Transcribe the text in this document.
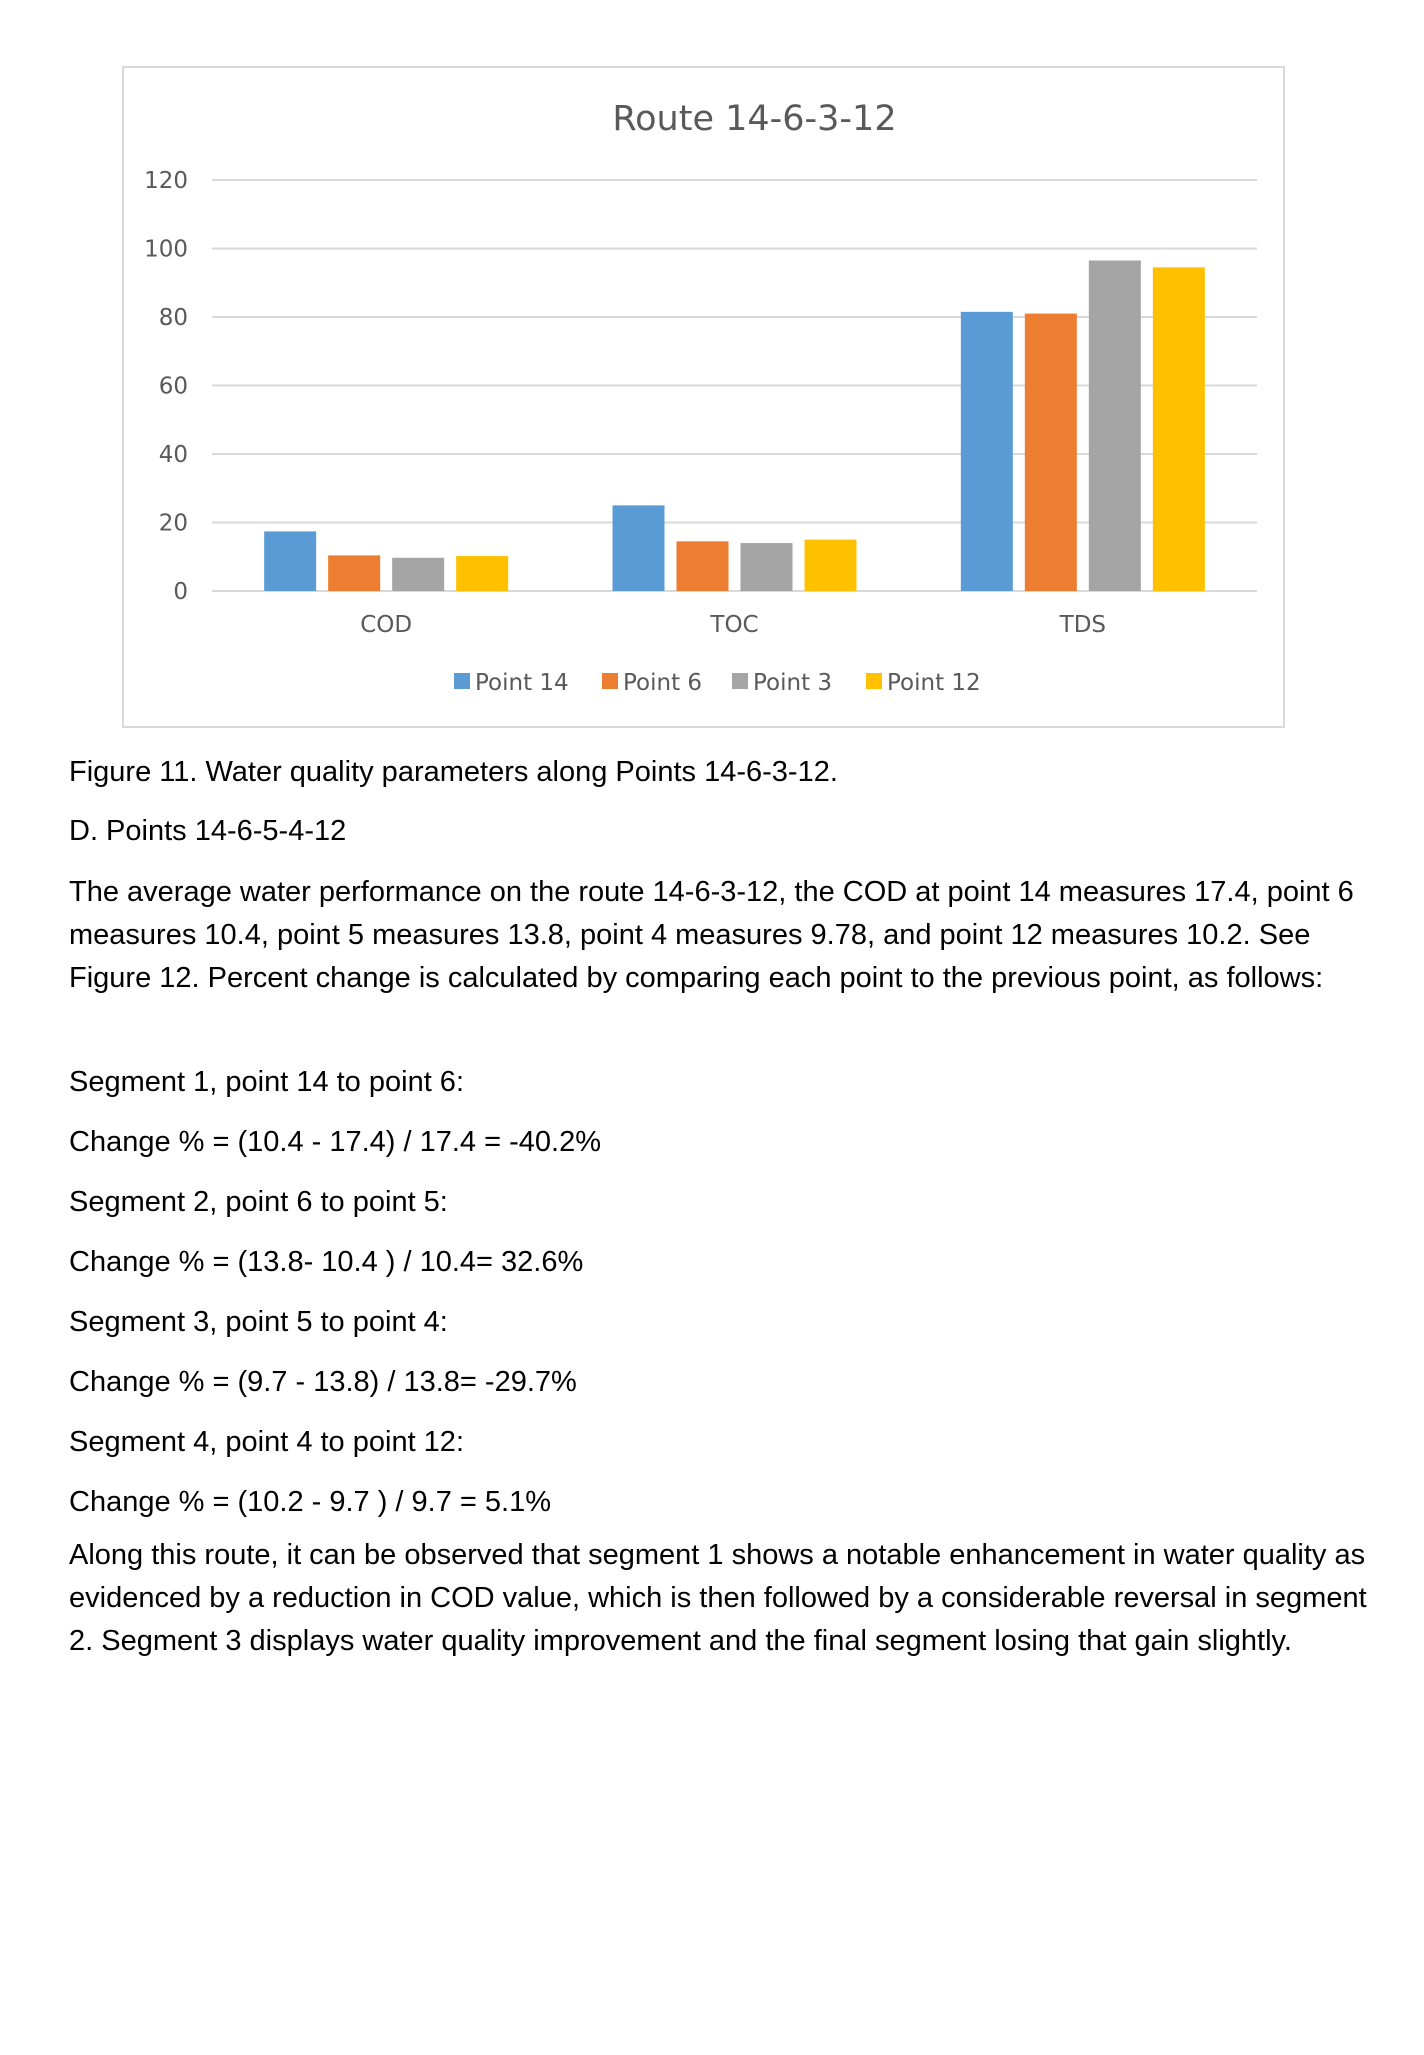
Route 14-6-3-12
0
20
40
60
80
100
120
COD	TOC	TDS
Point 14 Point 6 Point 3 Point 12
Figure 11. Water quality parameters along Points 14-6-3-12.
D. Points 14-6-5-4-12

The average water performance on the route 14-6-3-12, the COD at point 14 measures 17.4, point 6 measures 10.4, point 5 measures 13.8, point 4 measures 9.78, and point 12 measures 10.2. See Figure 12. Percent change is calculated by comparing each point to the previous point, as follows:

Segment 1, point 14 to point 6:
Change % = (10.4 - 17.4) / 17.4 = -40.2%
Segment 2, point 6 to point 5:
Change % = (13.8- 10.4 ) / 10.4= 32.6%
Segment 3, point 5 to point 4:
Change % = (9.7 - 13.8) / 13.8= -29.7%
Segment 4, point 4 to point 12:
Change % = (10.2 - 9.7 ) / 9.7 = 5.1%

Along this route, it can be observed that segment 1 shows a notable enhancement in water quality as evidenced by a reduction in COD value, which is then followed by a considerable reversal in segment 2. Segment 3 displays water quality improvement and the final segment losing that gain slightly.
